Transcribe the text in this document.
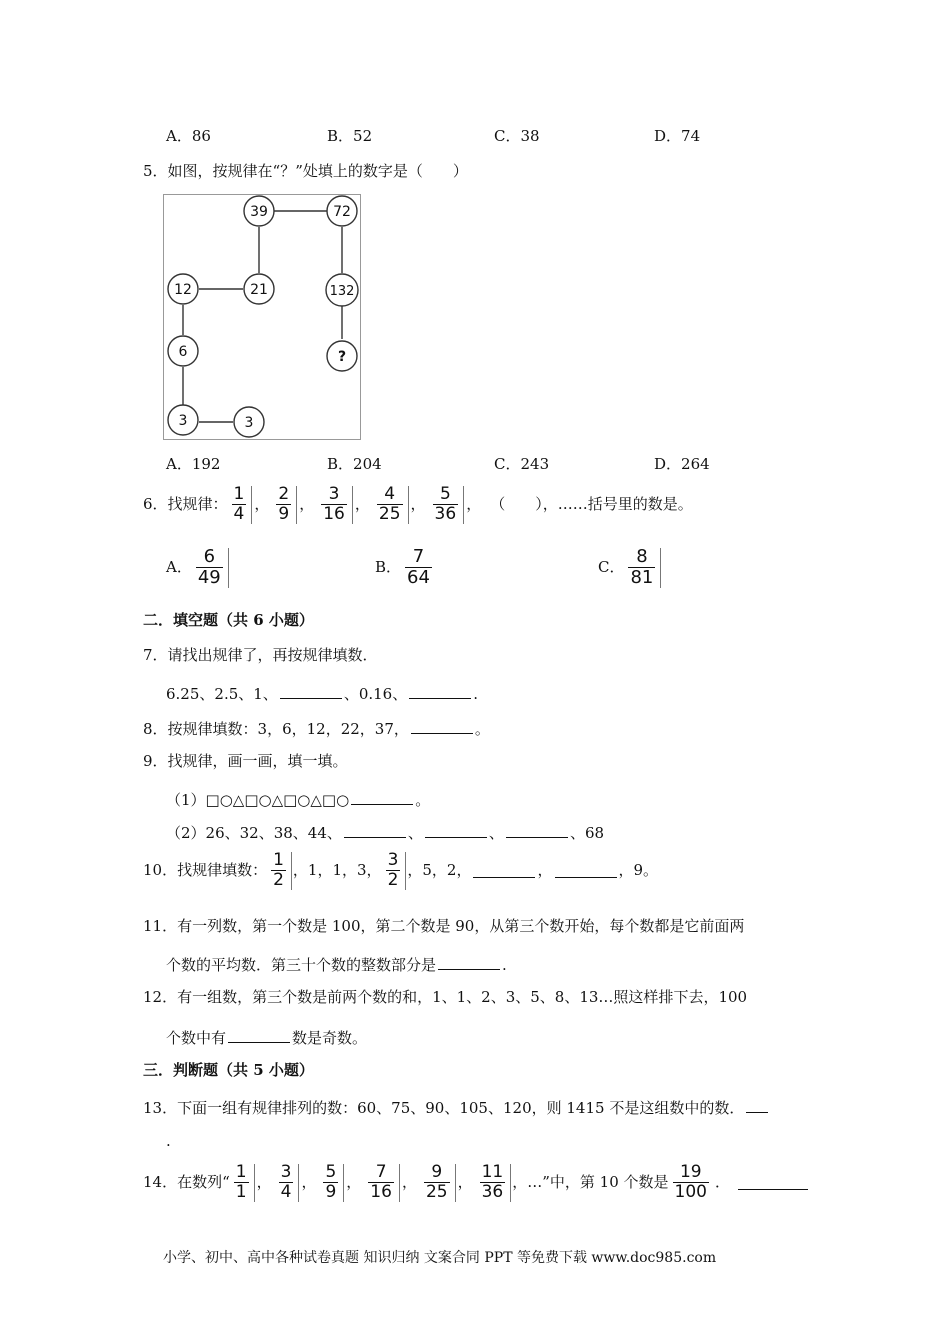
A．86	B．52	C．38	D．74
5．如图，按规律在“？”处填上的数字是（　　）
39	72
12	21	132
6	?
3	3
A．192	B．204	C．243	D．264
6．找规律： $\frac{1}{4}$ ， $\frac{2}{9}$ ， $\frac{3}{16}$ ， $\frac{4}{25}$ ， $\frac{5}{36}$ ， （　　），……括号里的数是。
A． $\frac{6}{49}$	B． $\frac{7}{64}$	C． $\frac{8}{81}$
二．填空题（共 6 小题）
7．请找出规律了，再按规律填数．
6.25、2.5、1、	、0.16、	.
8．按规律填数：3，6，12，22，37，	。
9．找规律，画一画，填一填。
（1）□○△□○△□○△□○	。
（2）26、32、38、44、	、	、	、68
10．找规律填数： $\frac{1}{2}$ ，1，1，3， $\frac{3}{2}$ ，5，2，	，	，9。
11．有一列数，第一个数是 100，第二个数是 90，从第三个数开始，每个数都是它前面两
个数的平均数．第三十个数的整数部分是	.
12．有一组数，第三个数是前两个数的和，1、1、2、3、5、8、13…照这样排下去，100
个数中有	数是奇数。
三．判断题（共 5 小题）
13．下面一组有规律排列的数：60、75、90、105、120，则 1415 不是这组数中的数．
.
14．在数列“ $\frac{1}{1}$ ， $\frac{3}{4}$ ， $\frac{5}{9}$ ， $\frac{7}{16}$ ， $\frac{9}{25}$ ， $\frac{11}{36}$ ，…”中，第 10 个数是 $\frac{19}{100}$ ．
小学、初中、高中各种试卷真题 知识归纳 文案合同 PPT 等免费下载 www.doc985.com
